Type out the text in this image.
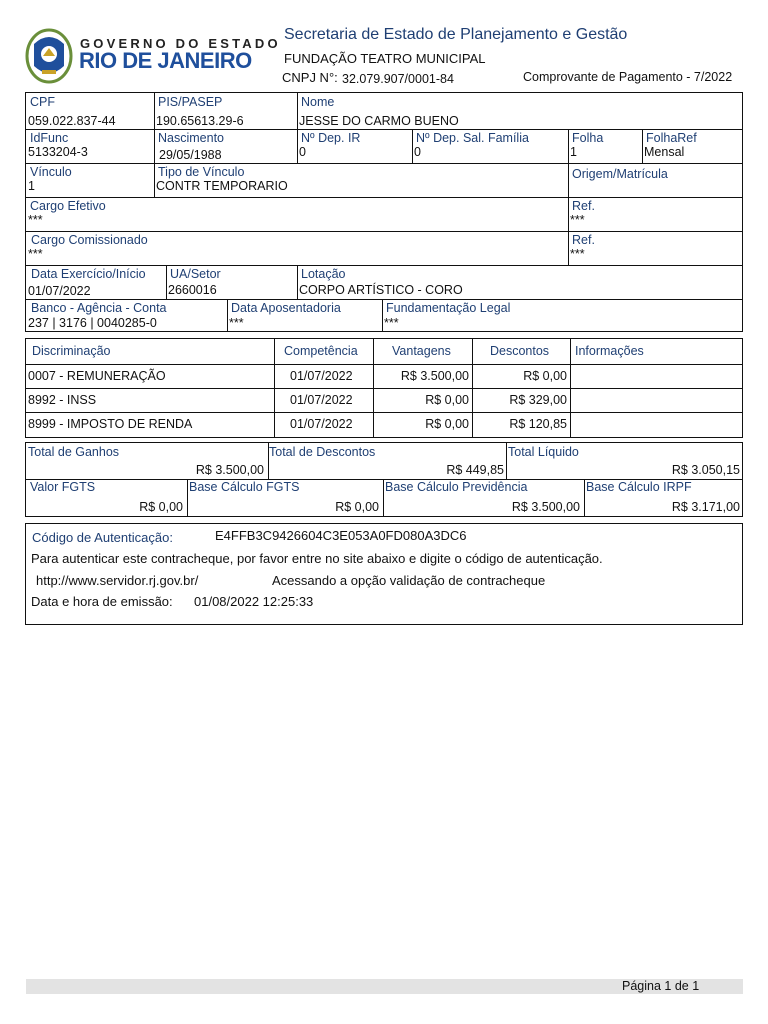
GOVERNO DO ESTADO
RIO DE JANEIRO
Secretaria de Estado de Planejamento e Gestão
FUNDAÇÃO TEATRO MUNICIPAL
CNPJ N°: 32.079.907/0001-84	Comprovante de Pagamento - 7/2022
CPF
059.022.837-44
PIS/PASEP
190.65613.29-6
Nome
JESSE DO CARMO BUENO
IdFunc
5133204-3
Nascimento
29/05/1988
Nº Dep. IR
0
Nº Dep. Sal. Família
0
Folha
1
FolhaRef
Mensal
Vínculo
1
Tipo de Vínculo
CONTR TEMPORARIO
Origem/Matrícula
Cargo Efetivo
***
Ref.
***
Cargo Comissionado
***
Ref.
***
Data Exercício/Início
01/07/2022
UA/Setor
2660016
Lotação
CORPO ARTÍSTICO - CORO
Banco - Agência - Conta
237 | 3176 | 0040285-0
Data Aposentadoria
***
Fundamentação Legal
***
Discriminação	Competência	Vantagens	Descontos Informações
0007 - REMUNERAÇÃO	01/07/2022	R$ 3.500,00	R$ 0,00
8992 - INSS	01/07/2022	R$ 0,00	R$ 329,00
8999 - IMPOSTO DE RENDA	01/07/2022	R$ 0,00	R$ 120,85
Total de Ganhos
R$ 3.500,00
Total de Descontos
R$ 449,85
Total Líquido
R$ 3.050,15
Valor FGTS
R$ 0,00
Base Cálculo FGTS
R$ 0,00
Base Cálculo Previdência
R$ 3.500,00
Base Cálculo IRPF
R$ 3.171,00
Código de Autenticação:	E4FFB3C9426604C3E053A0FD080A3DC6
Para autenticar este contracheque, por favor entre no site abaixo e digite o código de autenticação.
http://www.servidor.rj.gov.br/	Acessando a opção validação de contracheque
Data e hora de emissão: 01/08/2022 12:25:33
Página 1 de 1
